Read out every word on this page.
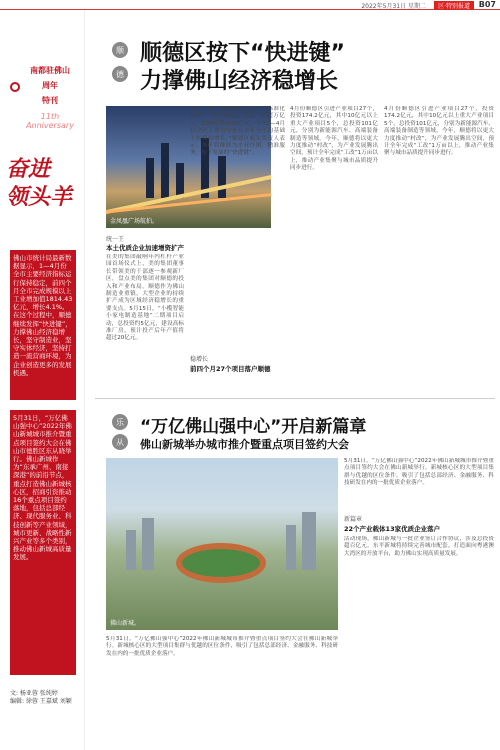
2022年5月31日 星期二	区·特别报道	B07
南都驻佛山
周年
特刊
11th Anniversary
奋进
领头羊
佛山市统计局最新数据显示，1—4月份全市主要经济指标运行保持稳定，前四个月全市完成规模以上工业增加值1814.43亿元，增长4.1%。在这个过程中，顺德继续发挥“快进键”，力撑佛山经济稳增长，坚守制造业，坚守实体经济，坚持打造一流营商环境，为企业创造更多的发展机遇。
5月31日，“万亿佛山强中心”2022年佛山新城城市推介暨重点项目签约大会在佛山市德胜区东从晓举行。佛山新城作为“东承广州、南接深港”的前沿节点，重点打造佛山新城核心区，招商引资推动16个重点项目签约落地，包括总部经济、现代服务业、科技创新等产业领域，城市更新、战略性新兴产业等多个类别，推动佛山新城高质量发展。
文: 杨亚蓉 张纯婷
编辑: 徐蓉 王嘉斌 刘颖
顺
德
顺德区按下“快进键”
力撑佛山经济稳增长
金凤凰广场航拍。
统一王
本土优质企业加速增资扩产
在美的集团敲响年内杠杆产业园首场仪式上，美的集团董事长带领美的干部逐一参观新厂区，盘点美的集团对顺德的投入和产业布局。顺德作为佛山制造业重镇，大型企业的持续扩产成为区域经济稳增长的重要支点。5月15日，“小榄智能小家电制造基地”二期项目启动，总投资约5亿元，建设高标准厂房，预计投产后年产值将超过20亿元。
模式开展，统筹推进全区行业标准化建设。“去年顺德工业总产值超万亿元，GDP达到4000亿元，今年1—4月份全区工业用电量在去年全年的基础上仍保持增长。”顺德区相关负责人表示，该区将继续为企业纾困，精准服务，按下发展的“快进键”。
稳增长
前四个月27个项目落户顺德
4月份顺德区引进产业项目27个，投资174.2亿元，其中10亿元以上重大产业项目5个，总投资101亿元，分别为新能源汽车、高端装备制造等领域。今年，顺德将以更大力度推动“村改”，为产业发展腾出空间，预计全年完成“工改”1万亩以上，推动产业集聚与城市品质提升同步进行。
4月份顺德区引进产业项目27个，投资174.2亿元，其中10亿元以上重大产业项目5个，总投资101亿元，分别为新能源汽车、高端装备制造等领域。今年，顺德将以更大力度推动“村改”，为产业发展腾出空间，预计全年完成“工改”1万亩以上，推动产业集聚与城市品质提升同步进行。
乐
从
“万亿佛山强中心”开启新篇章
佛山新城举办城市推介暨重点项目签约大会
佛山新城。
5月31日，“万亿佛山强中心”2022年佛山新城城市推介暨重点项目签约大会在佛山新城举行。新城核心区的大型项目集群与优越的区位条件，吸引了包括总部经济、金融服务、科技研发在内的一批优质企业落户。
新篇章
22个产业载体13家优质企业落户
活动现场，佛山新城与一批企业签订合作协议，涉及总投资超百亿元。东平新城将持续完善城市配套，打造面向粤港澳大湾区的开放平台，助力佛山实现高质量发展。
5月31日，“万亿佛山强中心”2022年佛山新城城市推介暨重点项目签约大会在佛山新城举行。新城核心区的大型项目集群与优越的区位条件，吸引了包括总部经济、金融服务、科技研发在内的一批优质企业落户。
